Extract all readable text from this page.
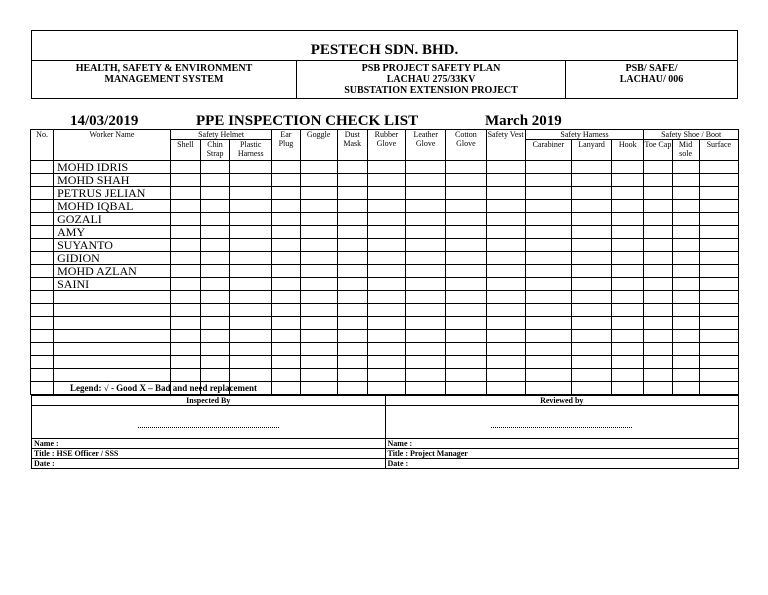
PESTECH SDN. BHD.
HEALTH, SAFETY & ENVIRONMENT
MANAGEMENT SYSTEM
PSB PROJECT SAFETY PLAN
LACHAU 275/33KV
SUBSTATION EXTENSION PROJECT
PSB/ SAFE/
LACHAU/ 006
14/03/2019	PPE INSPECTION CHECK LIST	March 2019
No.	Worker Name	Safety Helmet			Ear Plug	Goggle	Dust Mask	Rubber Glove	Leather Glove	Cotton Glove	Safety Vest	Safety Harness			Safety Shoe / Boot		
		Shell	Chin Strap	Plastic Harness								Carabiner	Lanyard	Hook	Toe Cap	Mid sole	Surface
	MOHD IDRIS																
	MOHD SHAH																
	PETRUS JELIAN																
	MOHD IQBAL																
	GOZALI																
	AMY																
	SUYANTO																
	GIDION																
	MOHD AZLAN																
	SAINI																

Legend: √ - Good X – Bad and need replacement
Inspected By	Reviewed by

Name :	Name :
Title : HSE Officer / SSS	Title : Project Manager
Date :	Date :
